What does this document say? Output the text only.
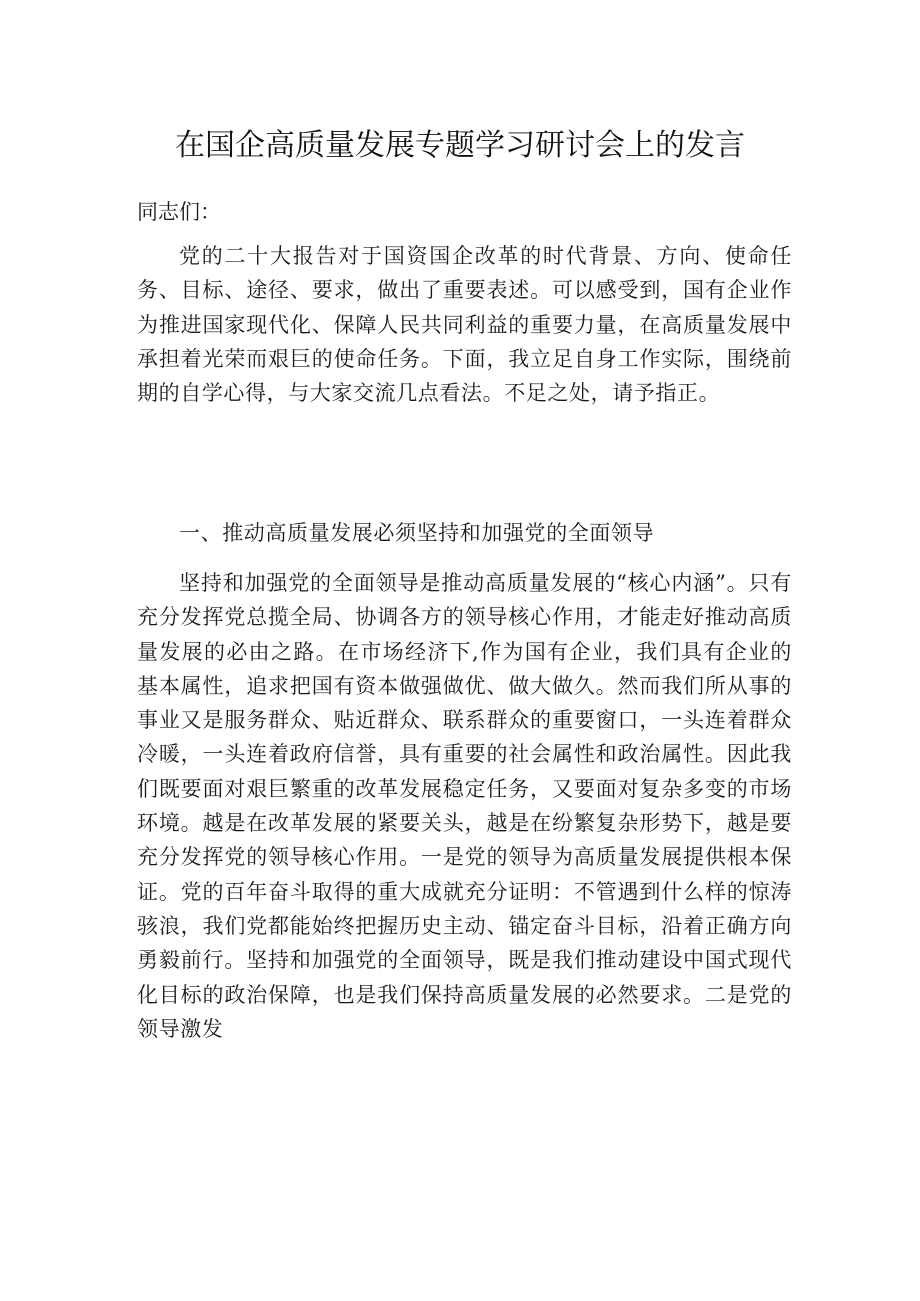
在国企高质量发展专题学习研讨会上的发言

同志们：

党的二十大报告对于国资国企改革的时代背景、方向、使命任务、目标、途径、要求，做出了重要表述。可以感受到，国有企业作为推进国家现代化、保障人民共同利益的重要力量，在高质量发展中承担着光荣而艰巨的使命任务。下面，我立足自身工作实际，围绕前期的自学心得，与大家交流几点看法。不足之处，请予指正。

一、推动高质量发展必须坚持和加强党的全面领导

坚持和加强党的全面领导是推动高质量发展的“核心内涵”。只有充分发挥党总揽全局、协调各方的领导核心作用，才能走好推动高质量发展的必由之路。在市场经济下,作为国有企业，我们具有企业的基本属性，追求把国有资本做强做优、做大做久。然而我们所从事的事业又是服务群众、贴近群众、联系群众的重要窗口，一头连着群众冷暖，一头连着政府信誉，具有重要的社会属性和政治属性。因此我们既要面对艰巨繁重的改革发展稳定任务，又要面对复杂多变的市场环境。越是在改革发展的紧要关头，越是在纷繁复杂形势下，越是要充分发挥党的领导核心作用。一是党的领导为高质量发展提供根本保证。党的百年奋斗取得的重大成就充分证明：不管遇到什么样的惊涛骇浪，我们党都能始终把握历史主动、锚定奋斗目标，沿着正确方向勇毅前行。坚持和加强党的全面领导，既是我们推动建设中国式现代化目标的政治保障，也是我们保持高质量发展的必然要求。二是党的领导激发
